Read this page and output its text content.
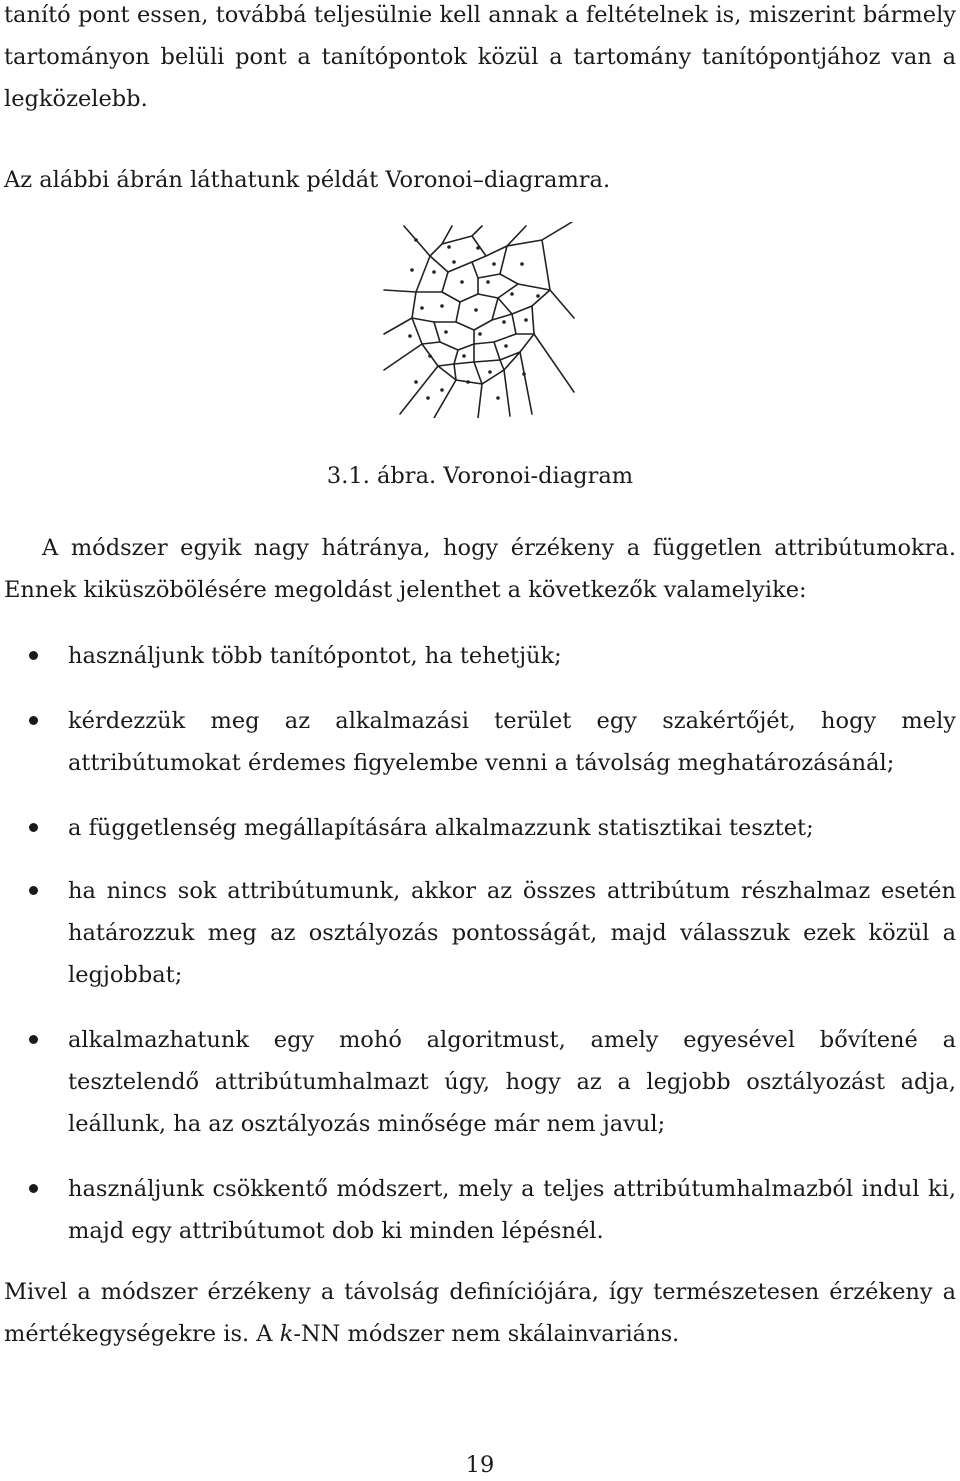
tanító pont essen, továbbá teljesülnie kell annak a feltételnek is, miszerint bármely tartományon belüli pont a tanítópontok közül a tartomány tanítópontjához van a legközelebb.

Az alábbi ábrán láthatunk példát Voronoi–diagramra.

3.1. ábra. Voronoi-diagram

A módszer egyik nagy hátránya, hogy érzékeny a független attribútumokra. Ennek kiküszöbölésére megoldást jelenthet a következők valamelyike:

használjunk több tanítópontot, ha tehetjük;
kérdezzük meg az alkalmazási terület egy szakértőjét, hogy mely attribútumokat érdemes figyelembe venni a távolság meghatározásánál;
a függetlenség megállapítására alkalmazzunk statisztikai tesztet;
ha nincs sok attribútumunk, akkor az összes attribútum részhalmaz esetén határozzuk meg az osztályozás pontosságát, majd válasszuk ezek közül a legjobbat;
alkalmazhatunk egy mohó algoritmust, amely egyesével bővítené a tesztelendő attribútumhalmazt úgy, hogy az a legjobb osztályozást adja, leállunk, ha az osztályozás minősége már nem javul;
használjunk csökkentő módszert, mely a teljes attribútumhalmazból indul ki, majd egy attribútumot dob ki minden lépésnél.

Mivel a módszer érzékeny a távolság definíciójára, így természetesen érzékeny a mértékegységekre is. A k-NN módszer nem skálainvariáns.

19
